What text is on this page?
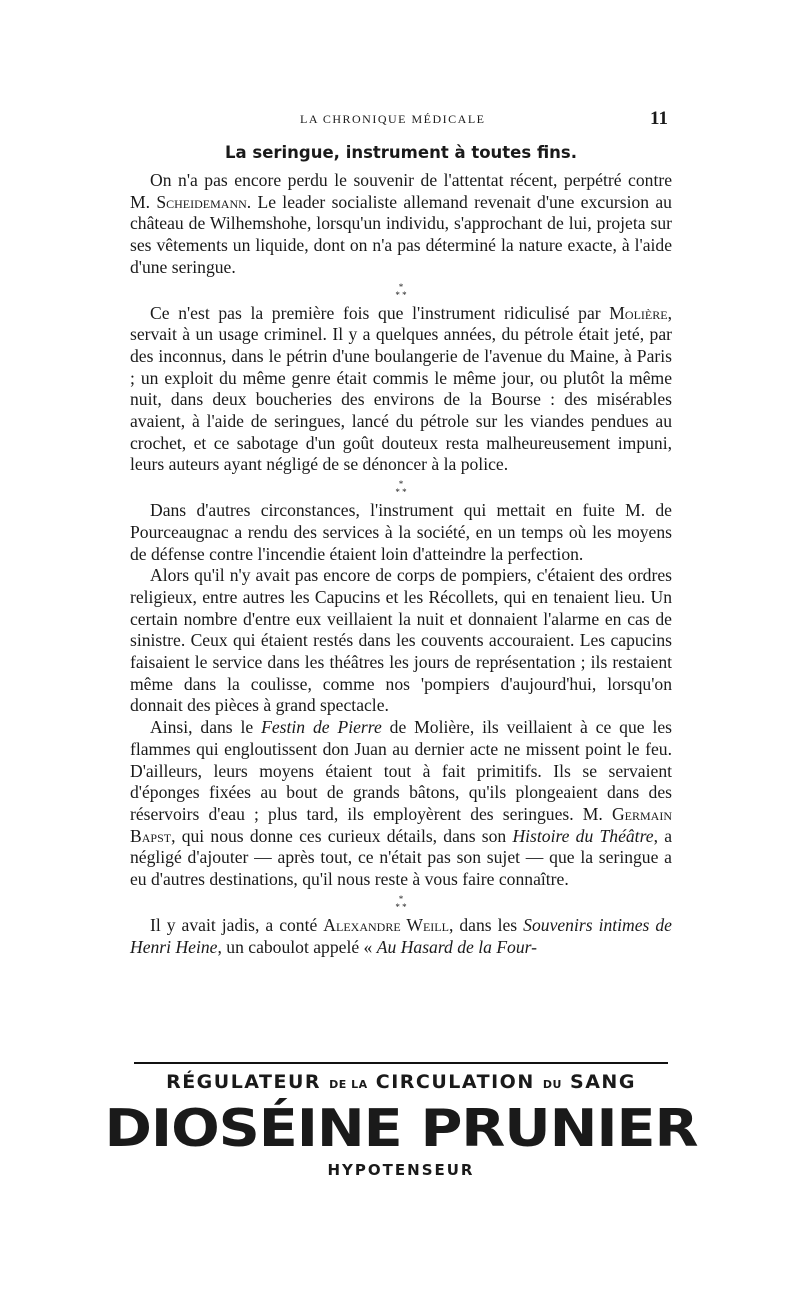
LA CHRONIQUE MÉDICALE	11
La seringue, instrument à toutes fins.

On n'a pas encore perdu le souvenir de l'attentat récent, perpétré contre M. Scheidemann. Le leader socialiste allemand revenait d'une excursion au château de Wilhemshohe, lorsqu'un individu, s'approchant de lui, projeta sur ses vêtements un liquide, dont on n'a pas déterminé la nature exacte, à l'aide d'une seringue.

*
* *

Ce n'est pas la première fois que l'instrument ridiculisé par Molière, servait à un usage criminel. Il y a quelques années, du pétrole était jeté, par des inconnus, dans le pétrin d'une boulangerie de l'avenue du Maine, à Paris ; un exploit du même genre était commis le même jour, ou plutôt la même nuit, dans deux boucheries des environs de la Bourse : des misérables avaient, à l'aide de seringues, lancé du pétrole sur les viandes pendues au crochet, et ce sabotage d'un goût douteux resta malheureusement impuni, leurs auteurs ayant négligé de se dénoncer à la police.

*
* *

Dans d'autres circonstances, l'instrument qui mettait en fuite M. de Pourceaugnac a rendu des services à la société, en un temps où les moyens de défense contre l'incendie étaient loin d'atteindre la perfection.

Alors qu'il n'y avait pas encore de corps de pompiers, c'étaient des ordres religieux, entre autres les Capucins et les Récollets, qui en tenaient lieu. Un certain nombre d'entre eux veillaient la nuit et donnaient l'alarme en cas de sinistre. Ceux qui étaient restés dans les couvents accouraient. Les capucins faisaient le service dans les théâtres les jours de représentation ; ils restaient même dans la coulisse, comme nos 'pompiers d'aujourd'hui, lorsqu'on donnait des pièces à grand spectacle.

Ainsi, dans le Festin de Pierre de Molière, ils veillaient à ce que les flammes qui engloutissent don Juan au dernier acte ne missent point le feu. D'ailleurs, leurs moyens étaient tout à fait primitifs. Ils se servaient d'éponges fixées au bout de grands bâtons, qu'ils plongeaient dans des réservoirs d'eau ; plus tard, ils employèrent des seringues. M. Germain Bapst, qui nous donne ces curieux détails, dans son Histoire du Théâtre, a négligé d'ajouter — après tout, ce n'était pas son sujet — que la seringue a eu d'autres destinations, qu'il nous reste à vous faire connaître.

*
* *

Il y avait jadis, a conté Alexandre Weill, dans les Souvenirs intimes de Henri Heine, un caboulot appelé « Au Hasard de la Four-

RÉGULATEUR DE LA CIRCULATION DU SANG
DIOSÉINE PRUNIER
HYPOTENSEUR
